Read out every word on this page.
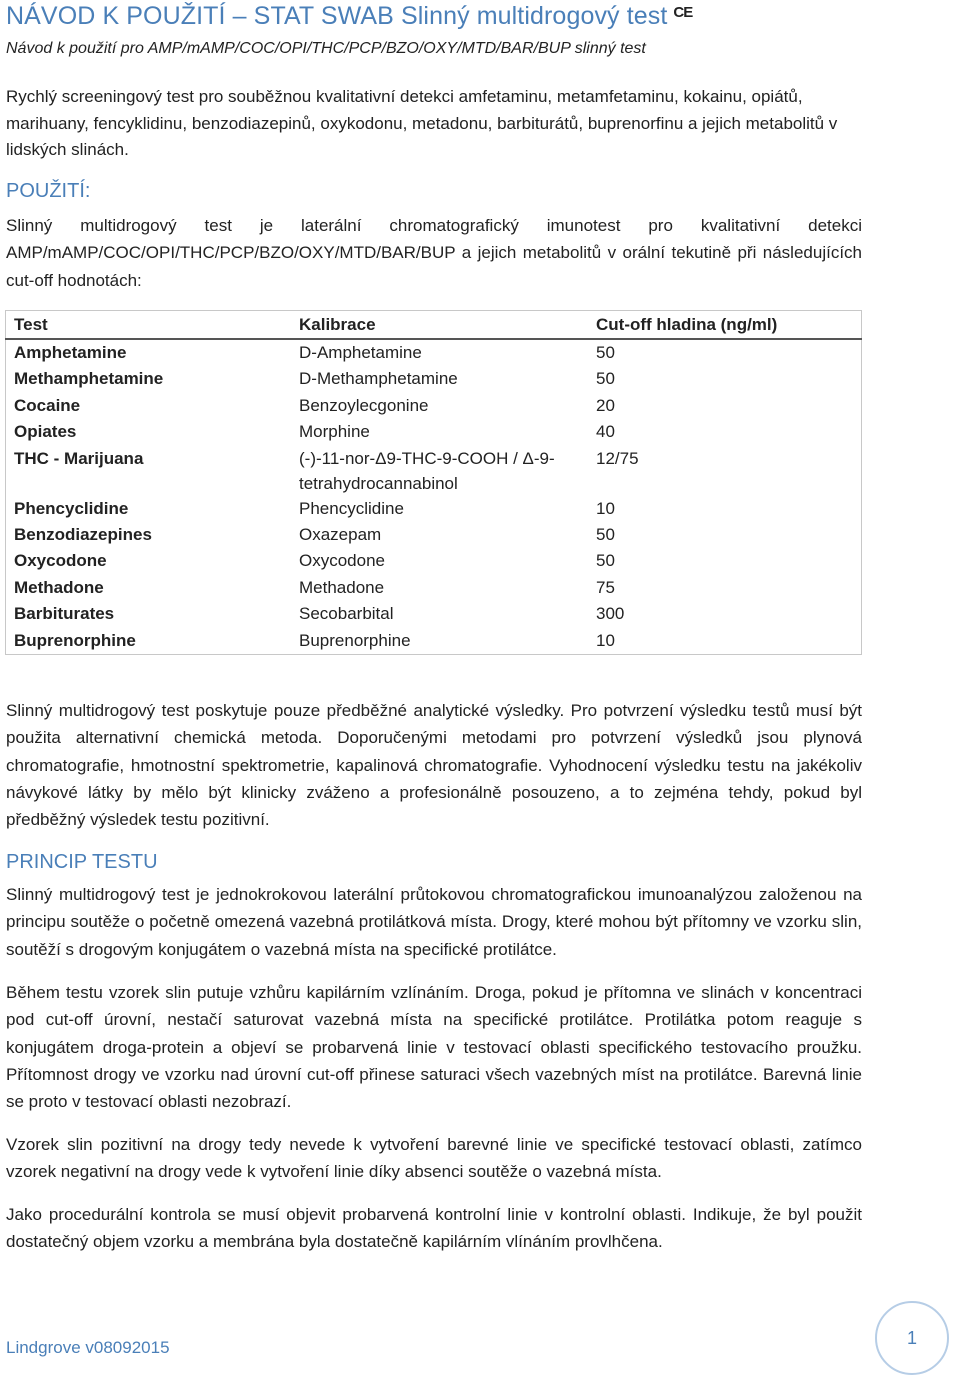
NÁVOD K POUŽITÍ – STAT SWAB Slinný multidrogový test CE
Návod k použití pro AMP/mAMP/COC/OPI/THC/PCP/BZO/OXY/MTD/BAR/BUP slinný test
Rychlý screeningový test pro souběžnou kvalitativní detekci amfetaminu, metamfetaminu, kokainu, opiátů, marihuany, fencyklidinu, benzodiazepinů, oxykodonu, metadonu, barbiturátů, buprenorfinu a jejich metabolitů v lidských slinách.
POUŽITÍ:
Slinný multidrogový test je laterální chromatografický imunotest pro kvalitativní detekci AMP/mAMP/COC/OPI/THC/PCP/BZO/OXY/MTD/BAR/BUP a jejich metabolitů v orální tekutině při následujících cut-off hodnotách:
Test	Kalibrace	Cut-off hladina (ng/ml)
Amphetamine	D-Amphetamine	50
Methamphetamine	D-Methamphetamine	50
Cocaine	Benzoylecgonine	20
Opiates	Morphine	40
THC - Marijuana	(-)-11-nor-Δ9-THC-9-COOH / Δ-9-tetrahydrocannabinol	12/75
Phencyclidine	Phencyclidine	10
Benzodiazepines	Oxazepam	50
Oxycodone	Oxycodone	50
Methadone	Methadone	75
Barbiturates	Secobarbital	300
Buprenorphine	Buprenorphine	10
Slinný multidrogový test poskytuje pouze předběžné analytické výsledky. Pro potvrzení výsledku testů musí být použita alternativní chemická metoda. Doporučenými metodami pro potvrzení výsledků jsou plynová chromatografie, hmotnostní spektrometrie, kapalinová chromatografie. Vyhodnocení výsledku testu na jakékoliv návykové látky by mělo být klinicky zváženo a profesionálně posouzeno, a to zejména tehdy, pokud byl předběžný výsledek testu pozitivní.
PRINCIP TESTU
Slinný multidrogový test je jednokrokovou laterální průtokovou chromatografickou imunoanalýzou založenou na principu soutěže o početně omezená vazebná protilátková místa. Drogy, které mohou být přítomny ve vzorku slin, soutěží s drogovým konjugátem o vazebná místa na specifické protilátce.
Během testu vzorek slin putuje vzhůru kapilárním vzlínáním. Droga, pokud je přítomna ve slinách v koncentraci pod cut-off úrovní, nestačí saturovat vazebná místa na specifické protilátce. Protilátka potom reaguje s konjugátem droga-protein a objeví se probarvená linie v testovací oblasti specifického testovacího proužku. Přítomnost drogy ve vzorku nad úrovní cut-off přinese saturaci všech vazebných míst na protilátce. Barevná linie se proto v testovací oblasti nezobrazí.
Vzorek slin pozitivní na drogy tedy nevede k vytvoření barevné linie ve specifické testovací oblasti, zatímco vzorek negativní na drogy vede k vytvoření linie díky absenci soutěže o vazebná místa.
Jako procedurální kontrola se musí objevit probarvená kontrolní linie v kontrolní oblasti. Indikuje, že byl použit dostatečný objem vzorku a membrána byla dostatečně kapilárním vlínáním provlhčena.
Lindgrove v08092015	1
